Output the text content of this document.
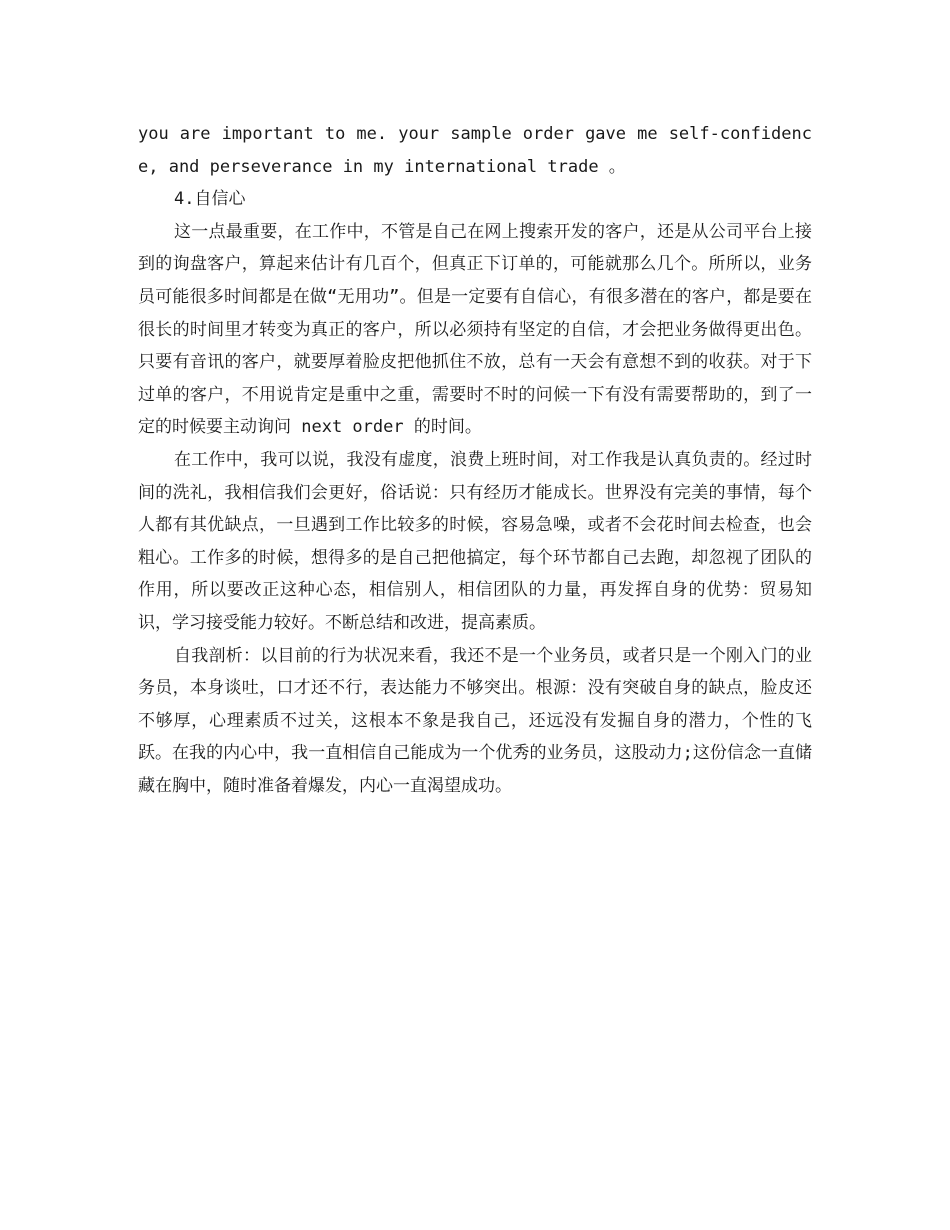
you are important to me. your sample order gave me self-confidence, and perseverance in my international trade 。

4.自信心

这一点最重要，在工作中，不管是自己在网上搜索开发的客户，还是从公司平台上接到的询盘客户，算起来估计有几百个，但真正下订单的，可能就那么几个。所所以，业务员可能很多时间都是在做“无用功”。但是一定要有自信心，有很多潜在的客户，都是要在很长的时间里才转变为真正的客户，所以必须持有坚定的自信，才会把业务做得更出色。只要有音讯的客户，就要厚着脸皮把他抓住不放，总有一天会有意想不到的收获。对于下过单的客户，不用说肯定是重中之重，需要时不时的问候一下有没有需要帮助的，到了一定的时候要主动询问 next order 的时间。

在工作中，我可以说，我没有虚度，浪费上班时间，对工作我是认真负责的。经过时间的洗礼，我相信我们会更好，俗话说：只有经历才能成长。世界没有完美的事情，每个人都有其优缺点，一旦遇到工作比较多的时候，容易急噪，或者不会花时间去检查，也会粗心。工作多的时候，想得多的是自己把他搞定，每个环节都自己去跑，却忽视了团队的作用，所以要改正这种心态，相信别人，相信团队的力量，再发挥自身的优势：贸易知识，学习接受能力较好。不断总结和改进，提高素质。

自我剖析：以目前的行为状况来看，我还不是一个业务员，或者只是一个刚入门的业务员，本身谈吐，口才还不行，表达能力不够突出。根源：没有突破自身的缺点，脸皮还不够厚，心理素质不过关，这根本不象是我自己，还远没有发掘自身的潜力，个性的飞跃。在我的内心中，我一直相信自己能成为一个优秀的业务员，这股动力;这份信念一直储藏在胸中，随时准备着爆发，内心一直渴望成功。
